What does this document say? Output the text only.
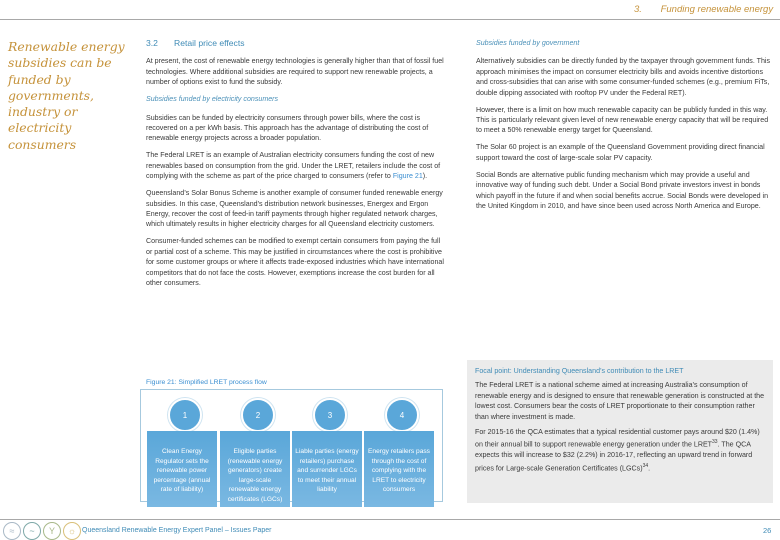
3. Funding renewable energy
Renewable energy subsidies can be funded by governments, industry or electricity consumers
3.2 Retail price effects

At present, the cost of renewable energy technologies is generally higher than that of fossil fuel technologies. Where additional subsidies are required to support new renewable projects, a number of options exist to fund the subsidy.

Subsidies funded by electricity consumers

Subsidies can be funded by electricity consumers through power bills, where the cost is recovered on a per kWh basis. This approach has the advantage of distributing the cost of renewable energy projects across a broader population.

The Federal LRET is an example of Australian electricity consumers funding the cost of new renewables based on consumption from the grid. Under the LRET, retailers include the cost of complying with the scheme as part of the price charged to consumers (refer to Figure 21).

Queensland’s Solar Bonus Scheme is another example of consumer funded renewable energy subsidies. In this case, Queensland’s distribution network businesses, Energex and Ergon Energy, recover the cost of feed-in tariff payments through higher regulated network charges, which ultimately results in higher electricity charges for all Queensland electricity customers.

Consumer-funded schemes can be modified to exempt certain consumers from paying the full or partial cost of a scheme. This may be justified in circumstances where the cost is prohibitive for some customer groups or where it affects trade-exposed industries which have international competitors that do not face the costs. However, exemptions increase the cost burden for all other consumers.

Subsidies funded by government

Alternatively subsidies can be directly funded by the taxpayer through government funds. This approach minimises the impact on consumer electricity bills and avoids incentive distortions and cross-subsidies that can arise with some consumer-funded schemes (e.g., premium FiTs, double dipping associated with rooftop PV under the Federal RET).

However, there is a limit on how much renewable capacity can be publicly funded in this way. This is particularly relevant given level of new renewable energy capacity that will be required to meet a 50% renewable energy target for Queensland.

The Solar 60 project is an example of the Queensland Government providing direct financial support toward the cost of large-scale solar PV capacity.

Social Bonds are alternative public funding mechanism which may provide a useful and innovative way of funding such debt. Under a Social Bond private investors invest in bonds which payoff in the future if and when social benefits accrue. Social Bonds were developed in the United Kingdom in 2010, and have since been used across North America and Europe.

Figure 21: Simplified LRET process flow
1
Clean Energy Regulator sets the renewable power percentage (annual rate of liability)
2
Eligible parties (renewable energy generators) create large-scale renewable energy certificates (LGCs)
3
Liable parties (energy retailers) purchase and surrender LGCs to meet their annual liability
4
Energy retailers pass through the cost of complying with the LRET to electricity consumers
Focal point: Understanding Queensland’s contribution to the LRET

The Federal LRET is a national scheme aimed at increasing Australia’s consumption of renewable energy and is designed to ensure that renewable generation is constructed at the lowest cost. Consumers bear the costs of LRET proportionate to their consumption rather than where investment is made.

For 2015-16 the QCA estimates that a typical residential customer pays around $20 (1.4%) on their annual bill to support renewable energy generation under the LRET$^{33}$. The QCA expects this will increase to $32 (2.2%) in 2016-17, reflecting an upward trend in forward prices for Large-scale Generation Certificates (LGCs)$^{34}$.

≈	~	Y	☼ Queensland Renewable Energy Expert Panel – Issues Paper	26
